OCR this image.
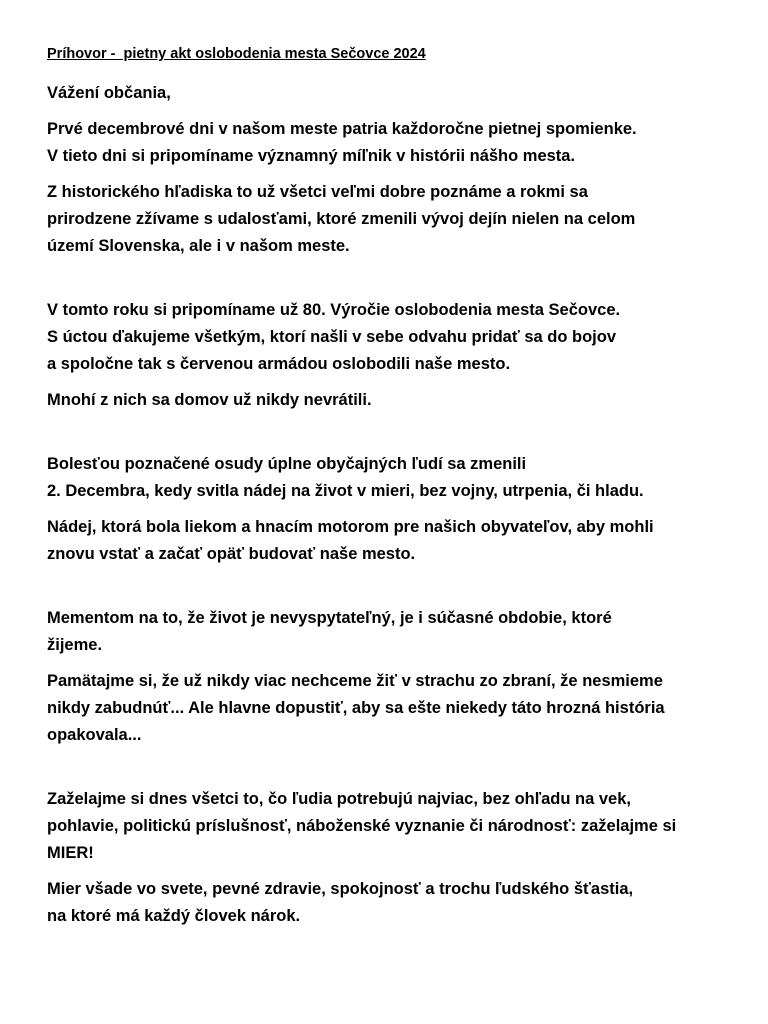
Príhovor -  pietny akt oslobodenia mesta Sečovce 2024

Vážení občania,

Prvé decembrové dni v našom meste patria každoročne pietnej spomienke.
V tieto dni si pripomíname významný míľnik v histórii nášho mesta.

Z historického hľadiska to už všetci veľmi dobre poznáme a rokmi sa
prirodzene zžívame s udalosťami, ktoré zmenili vývoj dejín nielen na celom
území Slovenska, ale i v našom meste.

V tomto roku si pripomíname už 80. Výročie oslobodenia mesta Sečovce.
S úctou ďakujeme všetkým, ktorí našli v sebe odvahu pridať sa do bojov
a spoločne tak s červenou armádou oslobodili naše mesto.

Mnohí z nich sa domov už nikdy nevrátili.

Bolesťou poznačené osudy úplne obyčajných ľudí sa zmenili
2. Decembra, kedy svitla nádej na život v mieri, bez vojny, utrpenia, či hladu.

Nádej, ktorá bola liekom a hnacím motorom pre našich obyvateľov, aby mohli
znovu vstať a začať opäť budovať naše mesto.

Mementom na to, že život je nevyspytateľný, je i súčasné obdobie, ktoré
žijeme.

Pamätajme si, že už nikdy viac nechceme žiť v strachu zo zbraní, že nesmieme
nikdy zabudnúť... Ale hlavne dopustiť, aby sa ešte niekedy táto hrozná história
opakovala...

Zaželajme si dnes všetci to, čo ľudia potrebujú najviac, bez ohľadu na vek,
pohlavie, politickú príslušnosť, náboženské vyznanie či národnosť: zaželajme si
MIER!

Mier všade vo svete, pevné zdravie, spokojnosť a trochu ľudského šťastia,
na ktoré má každý človek nárok.
